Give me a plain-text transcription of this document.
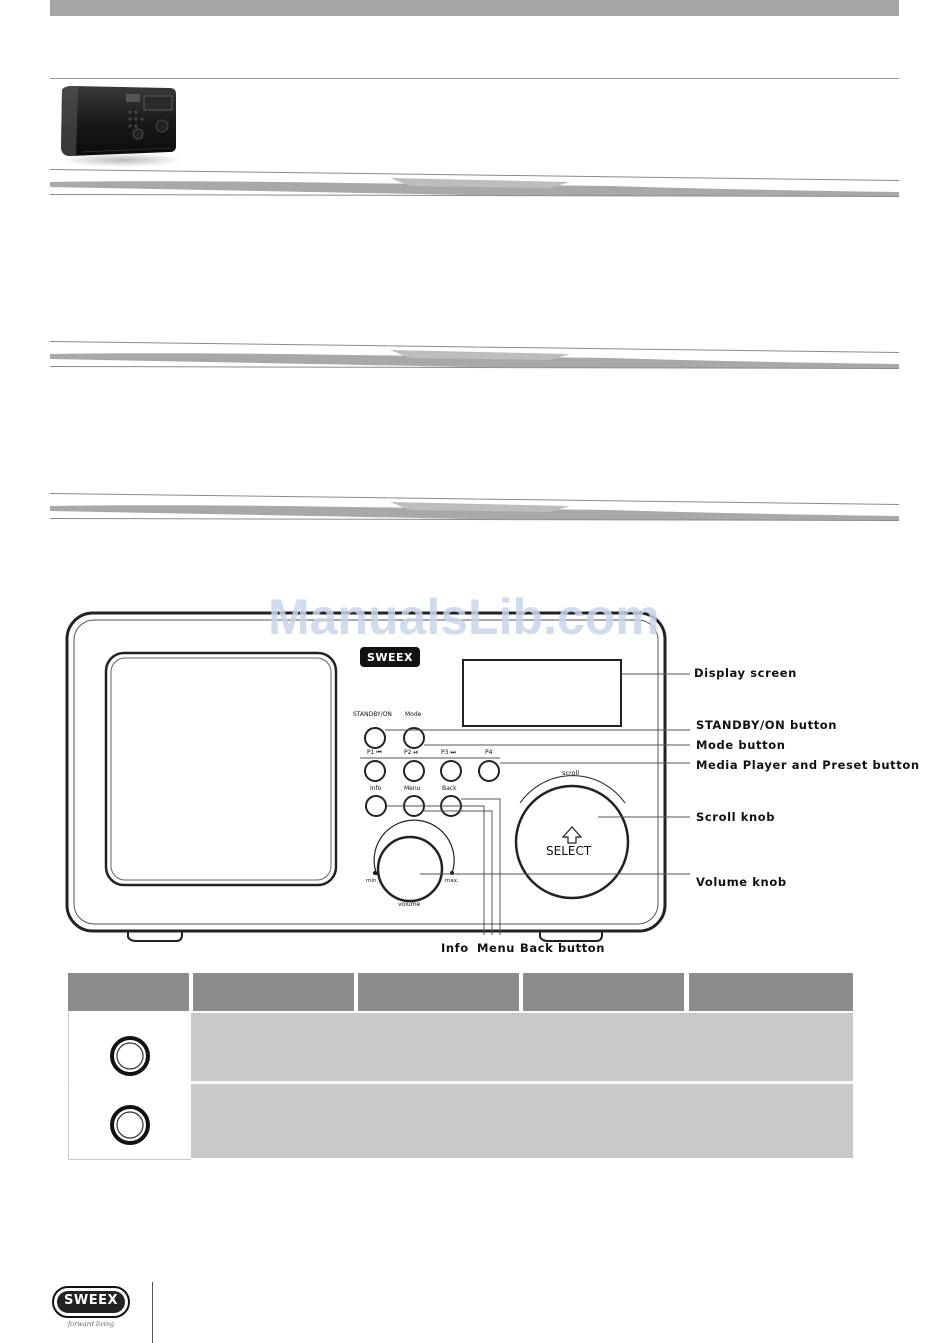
SWEEX
STANDBY/ON Mode
P1 ⏮	P2 ⏯	P3 ⏭	P4
Info	Menu	Back
scroll
SELECT
volume
min.	max.
Display screen
STANDBY/ON button
Mode button
Media Player and Preset button
Scroll knob
Volume knob
Info Menu Back button
ManualsLib.com
SWEEX
forward living
